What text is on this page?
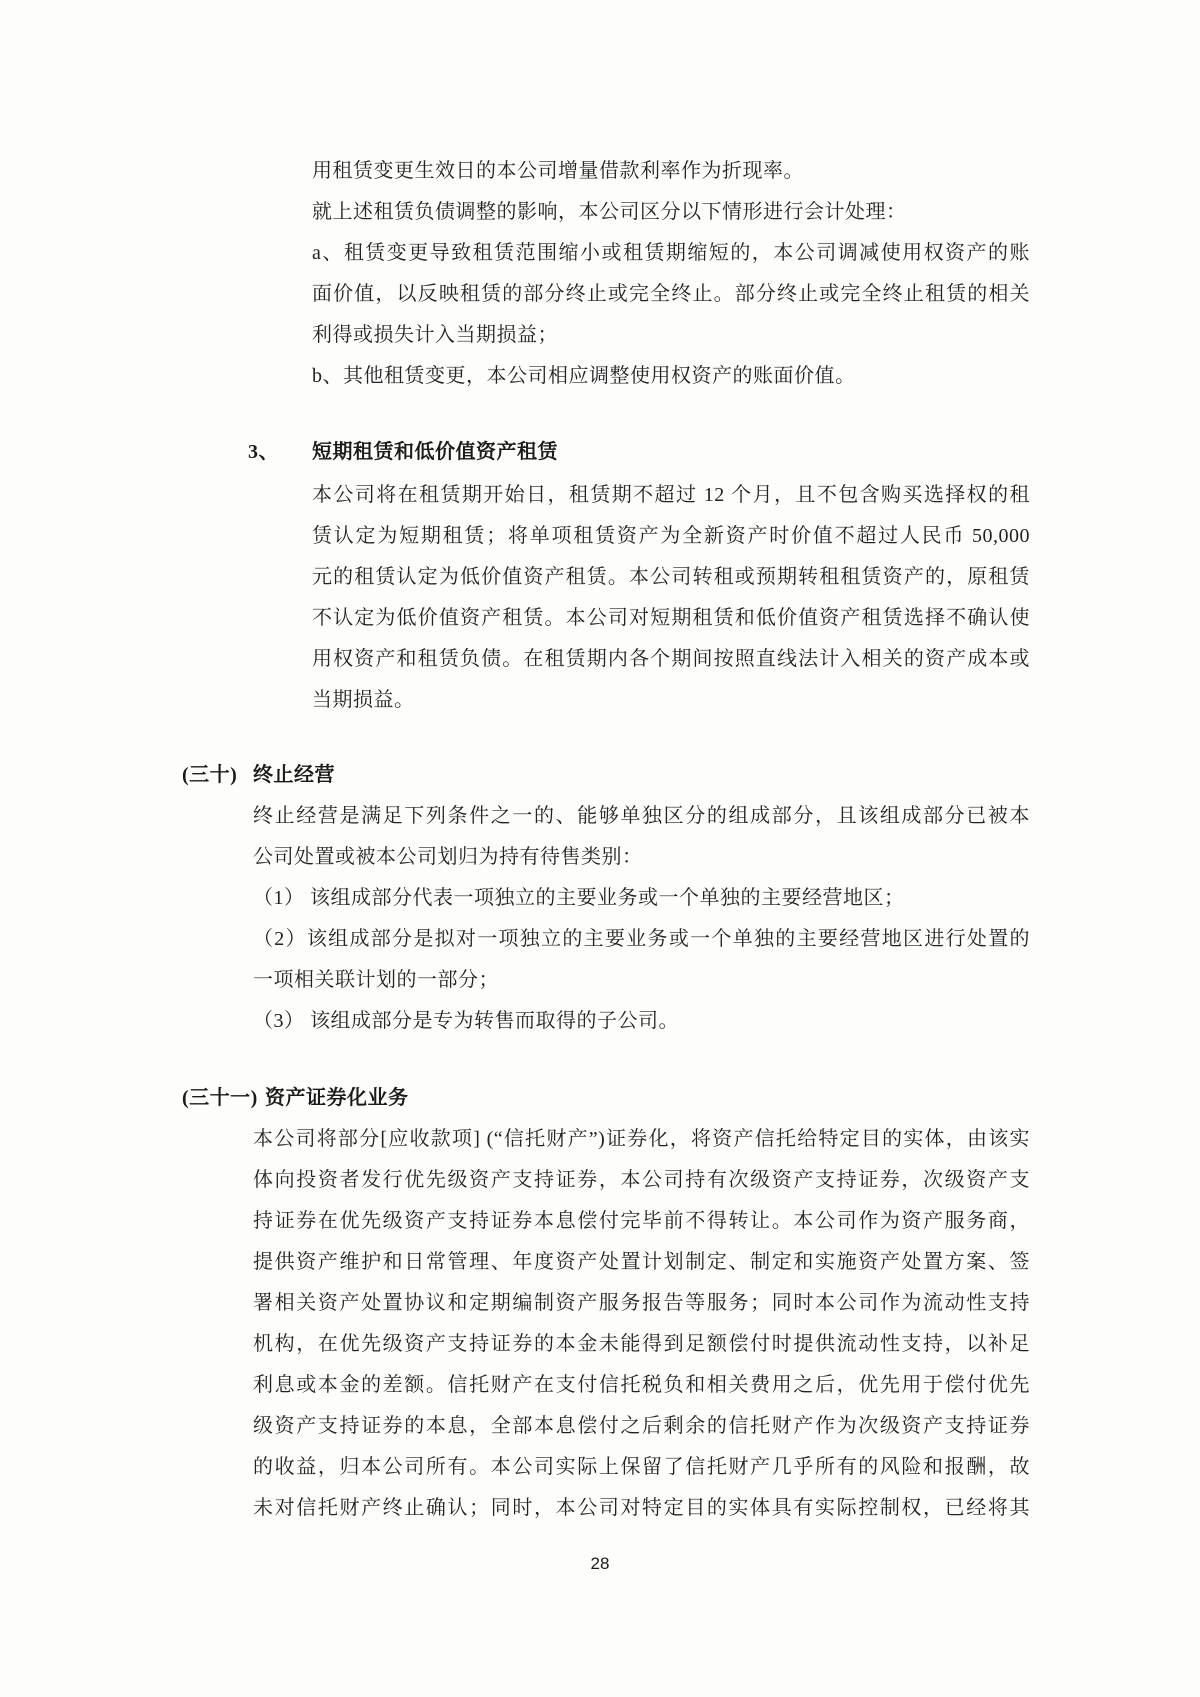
用租赁变更生效日的本公司增量借款利率作为折现率。
就上述租赁负债调整的影响，本公司区分以下情形进行会计处理：
a、租赁变更导致租赁范围缩小或租赁期缩短的，本公司调减使用权资产的账
面价值，以反映租赁的部分终止或完全终止。部分终止或完全终止租赁的相关
利得或损失计入当期损益；
b、其他租赁变更，本公司相应调整使用权资产的账面价值。
3、 短期租赁和低价值资产租赁
本公司将在租赁期开始日，租赁期不超过 12 个月，且不包含购买选择权的租
赁认定为短期租赁；将单项租赁资产为全新资产时价值不超过人民币 50,000
元的租赁认定为低价值资产租赁。本公司转租或预期转租租赁资产的，原租赁
不认定为低价值资产租赁。本公司对短期租赁和低价值资产租赁选择不确认使
用权资产和租赁负债。在租赁期内各个期间按照直线法计入相关的资产成本或
当期损益。
(三十) 终止经营
终止经营是满足下列条件之一的、能够单独区分的组成部分，且该组成部分已被本
公司处置或被本公司划归为持有待售类别：
（1） 该组成部分代表一项独立的主要业务或一个单独的主要经营地区；
（2）该组成部分是拟对一项独立的主要业务或一个单独的主要经营地区进行处置的
一项相关联计划的一部分；
（3） 该组成部分是专为转售而取得的子公司。
(三十一) 资产证券化业务
本公司将部分[应收款项] (“信托财产”)证券化，将资产信托给特定目的实体，由该实
体向投资者发行优先级资产支持证券，本公司持有次级资产支持证券，次级资产支
持证券在优先级资产支持证券本息偿付完毕前不得转让。本公司作为资产服务商，
提供资产维护和日常管理、年度资产处置计划制定、制定和实施资产处置方案、签
署相关资产处置协议和定期编制资产服务报告等服务；同时本公司作为流动性支持
机构，在优先级资产支持证券的本金未能得到足额偿付时提供流动性支持，以补足
利息或本金的差额。信托财产在支付信托税负和相关费用之后，优先用于偿付优先
级资产支持证券的本息，全部本息偿付之后剩余的信托财产作为次级资产支持证券
的收益，归本公司所有。本公司实际上保留了信托财产几乎所有的风险和报酬，故
未对信托财产终止确认；同时，本公司对特定目的实体具有实际控制权，已经将其
28
